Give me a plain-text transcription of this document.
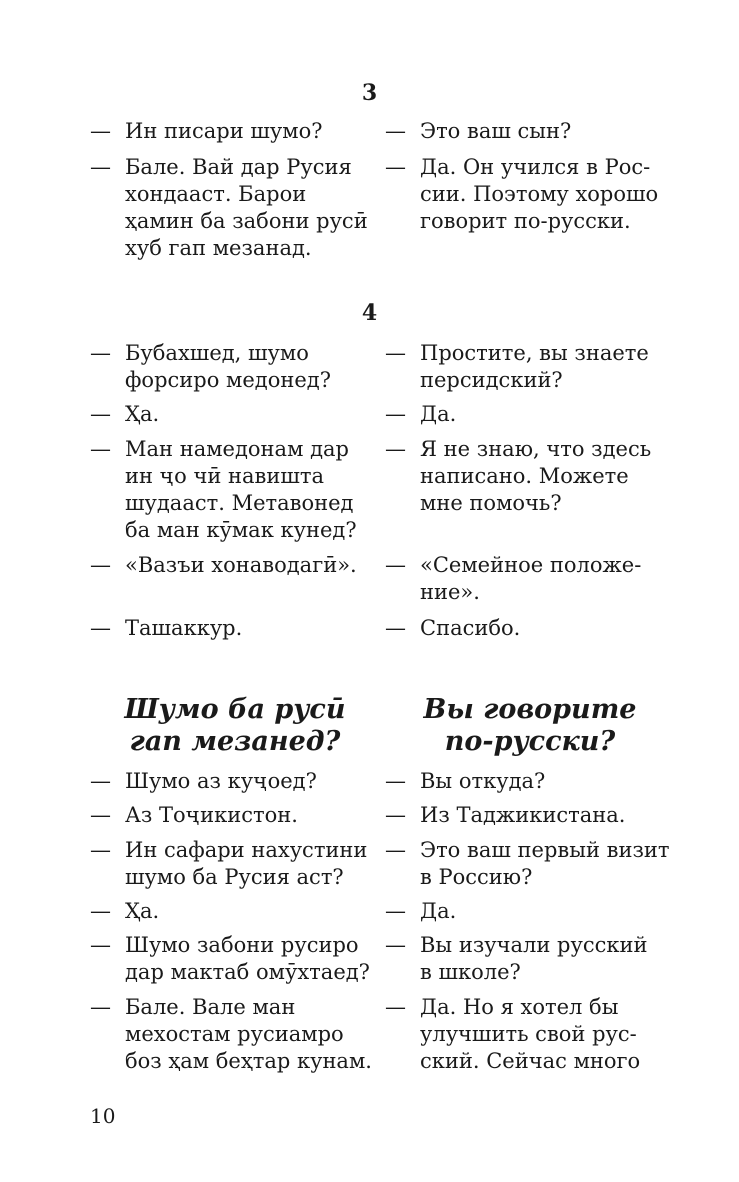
3
4

—

Ин писари шумо?

—

Бале. Вай дар Русия

хондааст. Барои

ҳамин ба забони русӣ

хуб гап мезанад.

—

Это ваш сын?

—

Да. Он учился в Рос-

сии. Поэтому хорошо

говорит по-русски.

—

Бубахшед, шумо

форсиро медонед?

—

Ҳа.

—

Ман намедонам дар

ин ҷо чӣ навишта

шудааст. Метавонед

ба ман кӯмак кунед?

—

«Вазъи хонаводагӣ».

—

Ташаккур.

—

Простите, вы знаете

персидский?

—

Да.

—

Я не знаю, что здесь

написано. Можете

мне помочь?

—

«Семейное положе-

ние».

—

Спасибо.

Шумо ба русӣ
гап мезанед?
Вы говорите
по-русски?

—

Шумо аз куҷоед?

—

Аз Тоҷикистон.

—

Ин сафари нахустини

шумо ба Русия аст?

—

Ҳа.

—

Шумо забони русиро

дар мактаб омӯхтаед?

—

Бале. Вале ман

мехостам русиамро

боз ҳам беҳтар кунам.

—

Вы откуда?

—

Из Таджикистана.

—

Это ваш первый визит

в Россию?

—

Да.

—

Вы изучали русский

в школе?

—

Да. Но я хотел бы

улучшить свой рус-

ский. Сейчас много

10
